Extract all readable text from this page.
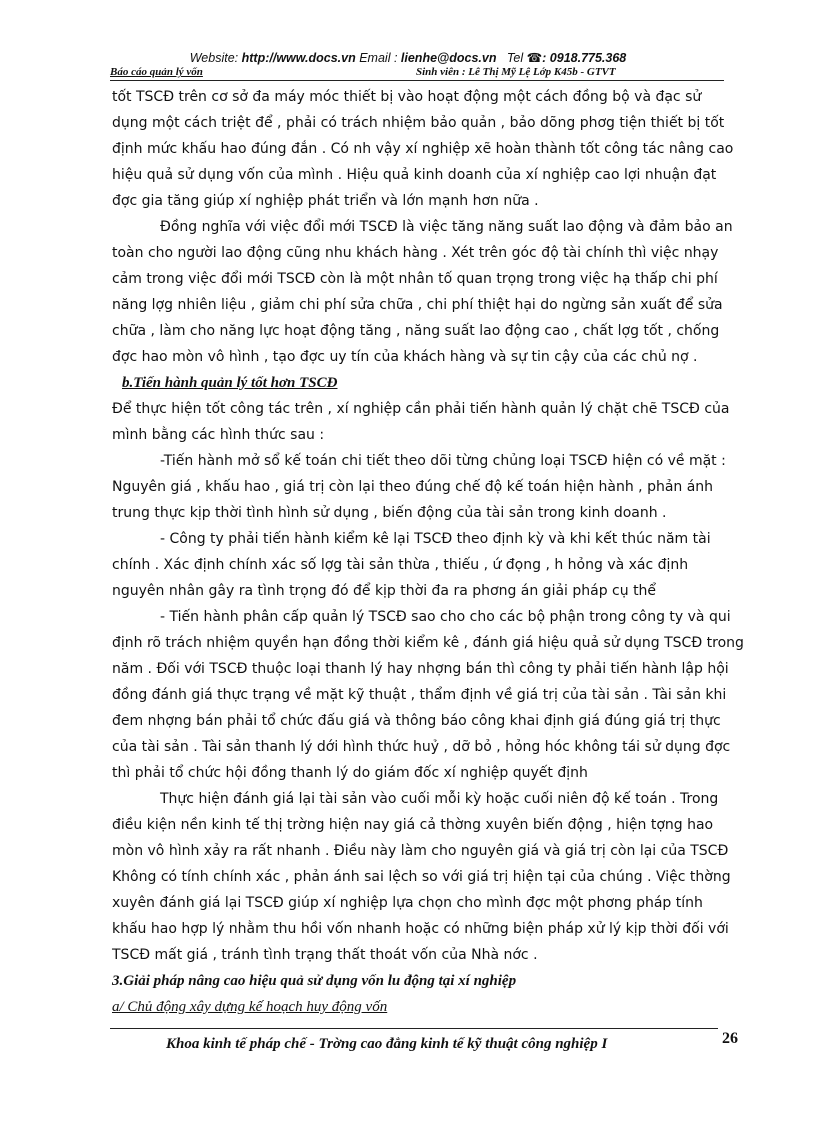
Website: http://www.docs.vn Email : lienhe@docs.vn Tel ☎: 0918.775.368
Báo cáo quản lý vốn	Sinh viên : Lê Thị Mỹ Lệ Lớp K45b - GTVT
tốt TSCĐ trên cơ sở đa máy móc thiết bị vào hoạt động một cách đồng bộ và đạc sử
dụng một cách triệt để , phải có trách nhiệm bảo quản , bảo dõng phơg tiện thiết bị tốt
định mức khấu hao đúng đắn . Có nh vậy xí nghiệp xẽ hoàn thành tốt công tác nâng cao
hiệu quả sử dụng vốn của mình . Hiệu quả kinh doanh của xí nghiệp cao lợi nhuận đạt
đợc gia tăng giúp xí nghiệp phát triển và lớn mạnh hơn nữa .
Đồng nghĩa với việc đổi mới TSCĐ là việc tăng năng suất lao động và đảm bảo an
toàn cho người lao động cũng nhu khách hàng . Xét trên góc độ tài chính thì việc nhạy
cảm trong việc đổi mới TSCĐ còn là một nhân tố quan trọng trong việc hạ thấp chi phí
năng lợg nhiên liệu , giảm chi phí sửa chữa , chi phí thiệt hại do ngừng sản xuất để sửa
chữa , làm cho năng lực hoạt động tăng , năng suất lao động cao , chất lợg tốt , chống
đợc hao mòn vô hình , tạo đợc uy tín của khách hàng và sự tin cậy của các chủ nợ .
b.Tiến hành quản lý tốt hơn TSCĐ
Để thực hiện tốt công tác trên , xí nghiệp cần phải tiến hành quản lý chặt chẽ TSCĐ của
mình bằng các hình thức sau :
-Tiến hành mở sổ kế toán chi tiết theo dõi từng chủng loại TSCĐ hiện có về mặt :
Nguyên giá , khấu hao , giá trị còn lại theo đúng chế độ kế toán hiện hành , phản ánh
trung thực kịp thời tình hình sử dụng , biến động của tài sản trong kinh doanh .
- Công ty phải tiến hành kiểm kê lại TSCĐ theo định kỳ và khi kết thúc năm tài
chính . Xác định chính xác số lợg tài sản thừa , thiếu , ứ đọng , h hỏng và xác định
nguyên nhân gây ra tình trọng đó để kịp thời đa ra phơng án giải pháp cụ thể
- Tiến hành phân cấp quản lý TSCĐ sao cho cho các bộ phận trong công ty và qui
định rõ trách nhiệm quyền hạn đồng thời kiểm kê , đánh giá hiệu quả sử dụng TSCĐ trong
năm . Đối với TSCĐ thuộc loại thanh lý hay nhợng bán thì công ty phải tiến hành lập hội
đồng đánh giá thực trạng về mặt kỹ thuật , thẩm định về giá trị của tài sản . Tài sản khi
đem nhợng bán phải tổ chức đấu giá và thông báo công khai định giá đúng giá trị thực
của tài sản . Tài sản thanh lý dới hình thức huỷ , dỡ bỏ , hỏng hóc không tái sử dụng đợc
thì phải tổ chức hội đồng thanh lý do giám đốc xí nghiệp quyết định
Thực hiện đánh giá lại tài sản vào cuối mỗi kỳ hoặc cuối niên độ kế toán . Trong
điều kiện nền kinh tế thị trờng hiện nay giá cả thờng xuyên biến động , hiện tợng hao
mòn vô hình xảy ra rất nhanh . Điều này làm cho nguyên giá và giá trị còn lại của TSCĐ
Không có tính chính xác , phản ánh sai lệch so với giá trị hiện tại của chúng . Việc thờng
xuyên đánh giá lại TSCĐ giúp xí nghiệp lựa chọn cho mình đợc một phơng pháp tính
khấu hao hợp lý nhằm thu hồi vốn nhanh hoặc có những biện pháp xử lý kịp thời đối với
TSCĐ mất giá , tránh tình trạng thất thoát vốn của Nhà nớc .
3.Giải pháp nâng cao hiệu quả sử dụng vốn lu động tại xí nghiệp
a/ Chủ động xây dựng kế hoạch huy động vốn
Khoa kinh tế pháp chế - Trờng cao đẳng kinh tế kỹ thuật công nghiệp I	26
